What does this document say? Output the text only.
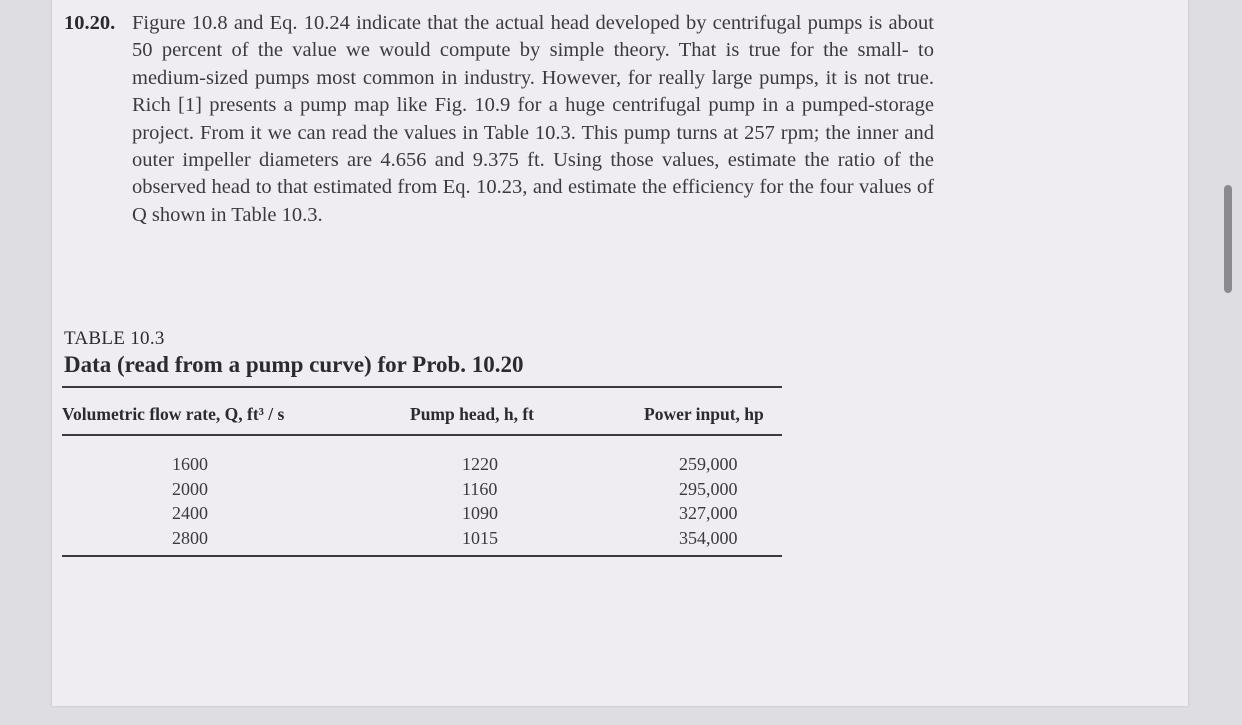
10.20. Figure 10.8 and Eq. 10.24 indicate that the actual head developed by centrifugal pumps is about 50 percent of the value we would compute by simple theory. That is true for the small- to medium-sized pumps most common in industry. However, for really large pumps, it is not true. Rich [1] presents a pump map like Fig. 10.9 for a huge centrifugal pump in a pumped-storage project. From it we can read the values in Table 10.3. This pump turns at 257 rpm; the inner and outer impeller diameters are 4.656 and 9.375 ft. Using those values, estimate the ratio of the observed head to that estimated from Eq. 10.23, and estimate the efficiency for the four values of Q shown in Table 10.3.
TABLE 10.3
Data (read from a pump curve) for Prob. 10.20
Volumetric flow rate, Q, ft³ / s	Pump head, h, ft	Power input, hp
1600
2000
2400
2800
1220
1160
1090
1015
259,000
295,000
327,000
354,000
